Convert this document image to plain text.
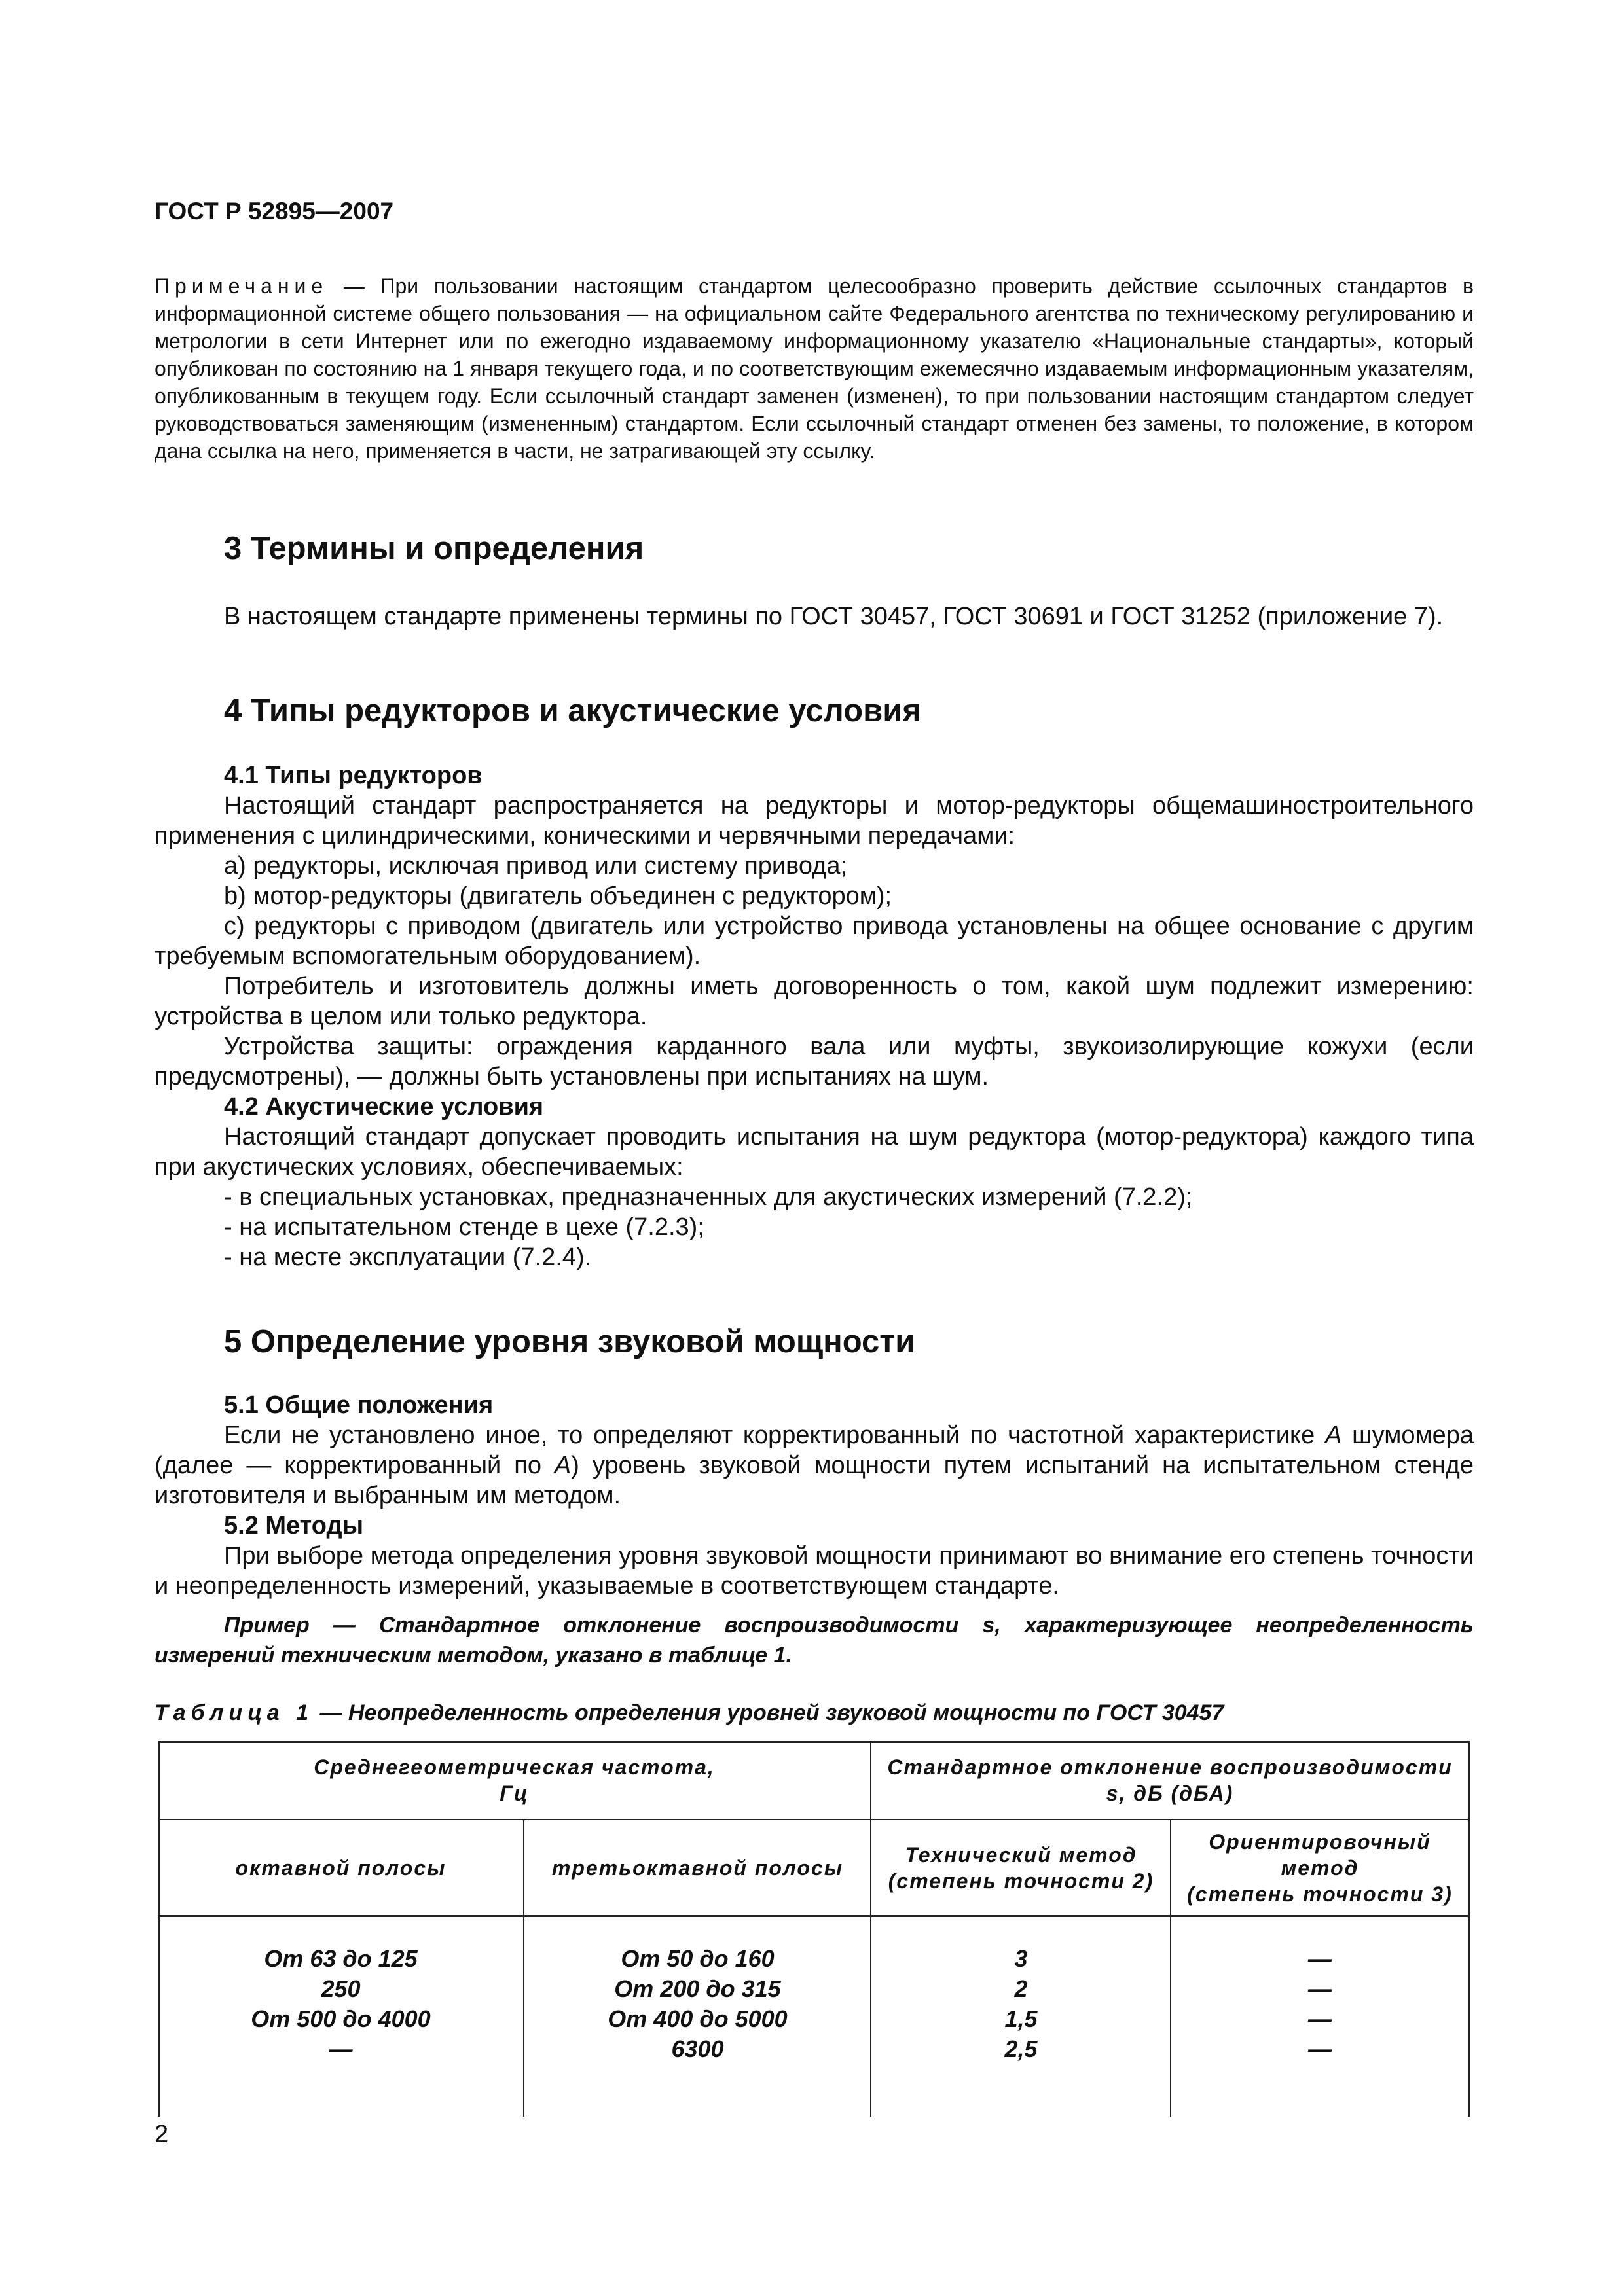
ГОСТ Р 52895—2007
Примечание — При пользовании настоящим стандартом целесообразно проверить действие ссылочных стандартов в информационной системе общего пользования — на официальном сайте Федерального агентства по техническому регулированию и метрологии в сети Интернет или по ежегодно издаваемому информационному указателю «Национальные стандарты», который опубликован по состоянию на 1 января текущего года, и по соответствующим ежемесячно издаваемым информационным указателям, опубликованным в текущем году. Если ссылочный стандарт заменен (изменен), то при пользовании настоящим стандартом следует руководствоваться заменяющим (измененным) стандартом. Если ссылочный стандарт отменен без замены, то положение, в котором дана ссылка на него, применяется в части, не затрагивающей эту ссылку.
3 Термины и определения

В настоящем стандарте применены термины по ГОСТ 30457, ГОСТ 30691 и ГОСТ 31252 (приложение 7).

4 Типы редукторов и акустические условия
4.1 Типы редукторов

Настоящий стандарт распространяется на редукторы и мотор-редукторы общемашиностроительного применения с цилиндрическими, коническими и червячными передачами:

a) редукторы, исключая привод или систему привода;

b) мотор-редукторы (двигатель объединен с редуктором);

c) редукторы с приводом (двигатель или устройство привода установлены на общее основание с другим требуемым вспомогательным оборудованием).

Потребитель и изготовитель должны иметь договоренность о том, какой шум подлежит измерению: устройства в целом или только редуктора.

Устройства защиты: ограждения карданного вала или муфты, звукоизолирующие кожухи (если предусмотрены), — должны быть установлены при испытаниях на шум.

4.2 Акустические условия

Настоящий стандарт допускает проводить испытания на шум редуктора (мотор-редуктора) каждого типа при акустических условиях, обеспечиваемых:

- в специальных установках, предназначенных для акустических измерений (7.2.2);

- на испытательном стенде в цехе (7.2.3);

- на месте эксплуатации (7.2.4).

5 Определение уровня звуковой мощности
5.1 Общие положения

Если не установлено иное, то определяют корректированный по частотной характеристике А шумомера (далее — корректированный по А) уровень звуковой мощности путем испытаний на испытательном стенде изготовителя и выбранным им методом.

5.2 Методы

При выборе метода определения уровня звуковой мощности принимают во внимание его степень точности и неопределенность измерений, указываемые в соответствующем стандарте.

Пример — Стандартное отклонение воспроизводимости s, характеризующее неопределенность измерений техническим методом, указано в таблице 1.

Таблица 1 — Неопределенность определения уровней звуковой мощности по ГОСТ 30457
Среднегеометрическая частота,
Гц
Стандартное отклонение воспроизводимости
s, дБ (дБА)
октавной полосы	третьоктавной полосы
Технический метод
(степень точности 2)
Ориентировочный
метод
(степень точности 3)
От 63 до 125
250
От 500 до 4000
—
От 50 до 160
От 200 до 315
От 400 до 5000
6300
3
2
1,5
2,5
—
—
—
—
2
